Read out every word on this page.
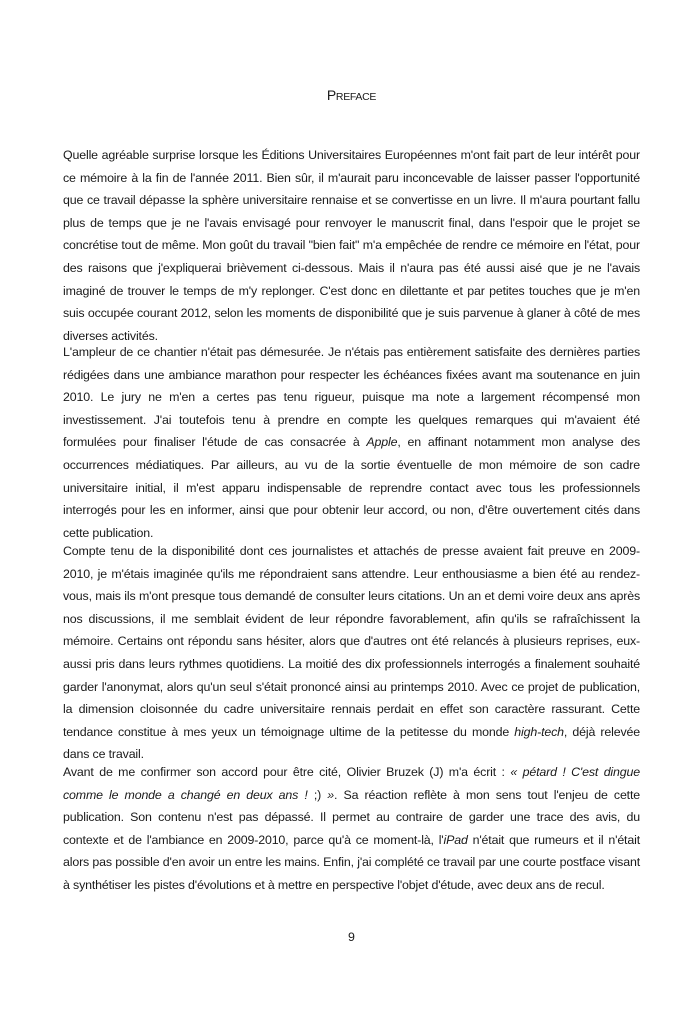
PREFACE

Quelle agréable surprise lorsque les Éditions Universitaires Européennes m'ont fait part de leur intérêt pour ce mémoire à la fin de l'année 2011. Bien sûr, il m'aurait paru inconcevable de laisser passer l'opportunité que ce travail dépasse la sphère universitaire rennaise et se convertisse en un livre. Il m'aura pourtant fallu plus de temps que je ne l'avais envisagé pour renvoyer le manuscrit final, dans l'espoir que le projet se concrétise tout de même. Mon goût du travail "bien fait" m'a empêchée de rendre ce mémoire en l'état, pour des raisons que j'expliquerai brièvement ci-dessous. Mais il n'aura pas été aussi aisé que je ne l'avais imaginé de trouver le temps de m'y replonger. C'est donc en dilettante et par petites touches que je m'en suis occupée courant 2012, selon les moments de disponibilité que je suis parvenue à glaner à côté de mes diverses activités.

L'ampleur de ce chantier n'était pas démesurée. Je n'étais pas entièrement satisfaite des dernières parties rédigées dans une ambiance marathon pour respecter les échéances fixées avant ma soutenance en juin 2010. Le jury ne m'en a certes pas tenu rigueur, puisque ma note a largement récompensé mon investissement. J'ai toutefois tenu à prendre en compte les quelques remarques qui m'avaient été formulées pour finaliser l'étude de cas consacrée à Apple, en affinant notamment mon analyse des occurrences médiatiques. Par ailleurs, au vu de la sortie éventuelle de mon mémoire de son cadre universitaire initial, il m'est apparu indispensable de reprendre contact avec tous les professionnels interrogés pour les en informer, ainsi que pour obtenir leur accord, ou non, d'être ouvertement cités dans cette publication.

Compte tenu de la disponibilité dont ces journalistes et attachés de presse avaient fait preuve en 2009-2010, je m'étais imaginée qu'ils me répondraient sans attendre. Leur enthousiasme a bien été au rendez-vous, mais ils m'ont presque tous demandé de consulter leurs citations. Un an et demi voire deux ans après nos discussions, il me semblait évident de leur répondre favorablement, afin qu'ils se rafraîchissent la mémoire. Certains ont répondu sans hésiter, alors que d'autres ont été relancés à plusieurs reprises, eux-aussi pris dans leurs rythmes quotidiens. La moitié des dix professionnels interrogés a finalement souhaité garder l'anonymat, alors qu'un seul s'était prononcé ainsi au printemps 2010. Avec ce projet de publication, la dimension cloisonnée du cadre universitaire rennais perdait en effet son caractère rassurant. Cette tendance constitue à mes yeux un témoignage ultime de la petitesse du monde high-tech, déjà relevée dans ce travail.

Avant de me confirmer son accord pour être cité, Olivier Bruzek (J) m'a écrit : « pétard ! C'est dingue comme le monde a changé en deux ans ! ;) ». Sa réaction reflète à mon sens tout l'enjeu de cette publication. Son contenu n'est pas dépassé. Il permet au contraire de garder une trace des avis, du contexte et de l'ambiance en 2009-2010, parce qu'à ce moment-là, l'iPad n'était que rumeurs et il n'était alors pas possible d'en avoir un entre les mains. Enfin, j'ai complété ce travail par une courte postface visant à synthétiser les pistes d'évolutions et à mettre en perspective l'objet d'étude, avec deux ans de recul.

9
